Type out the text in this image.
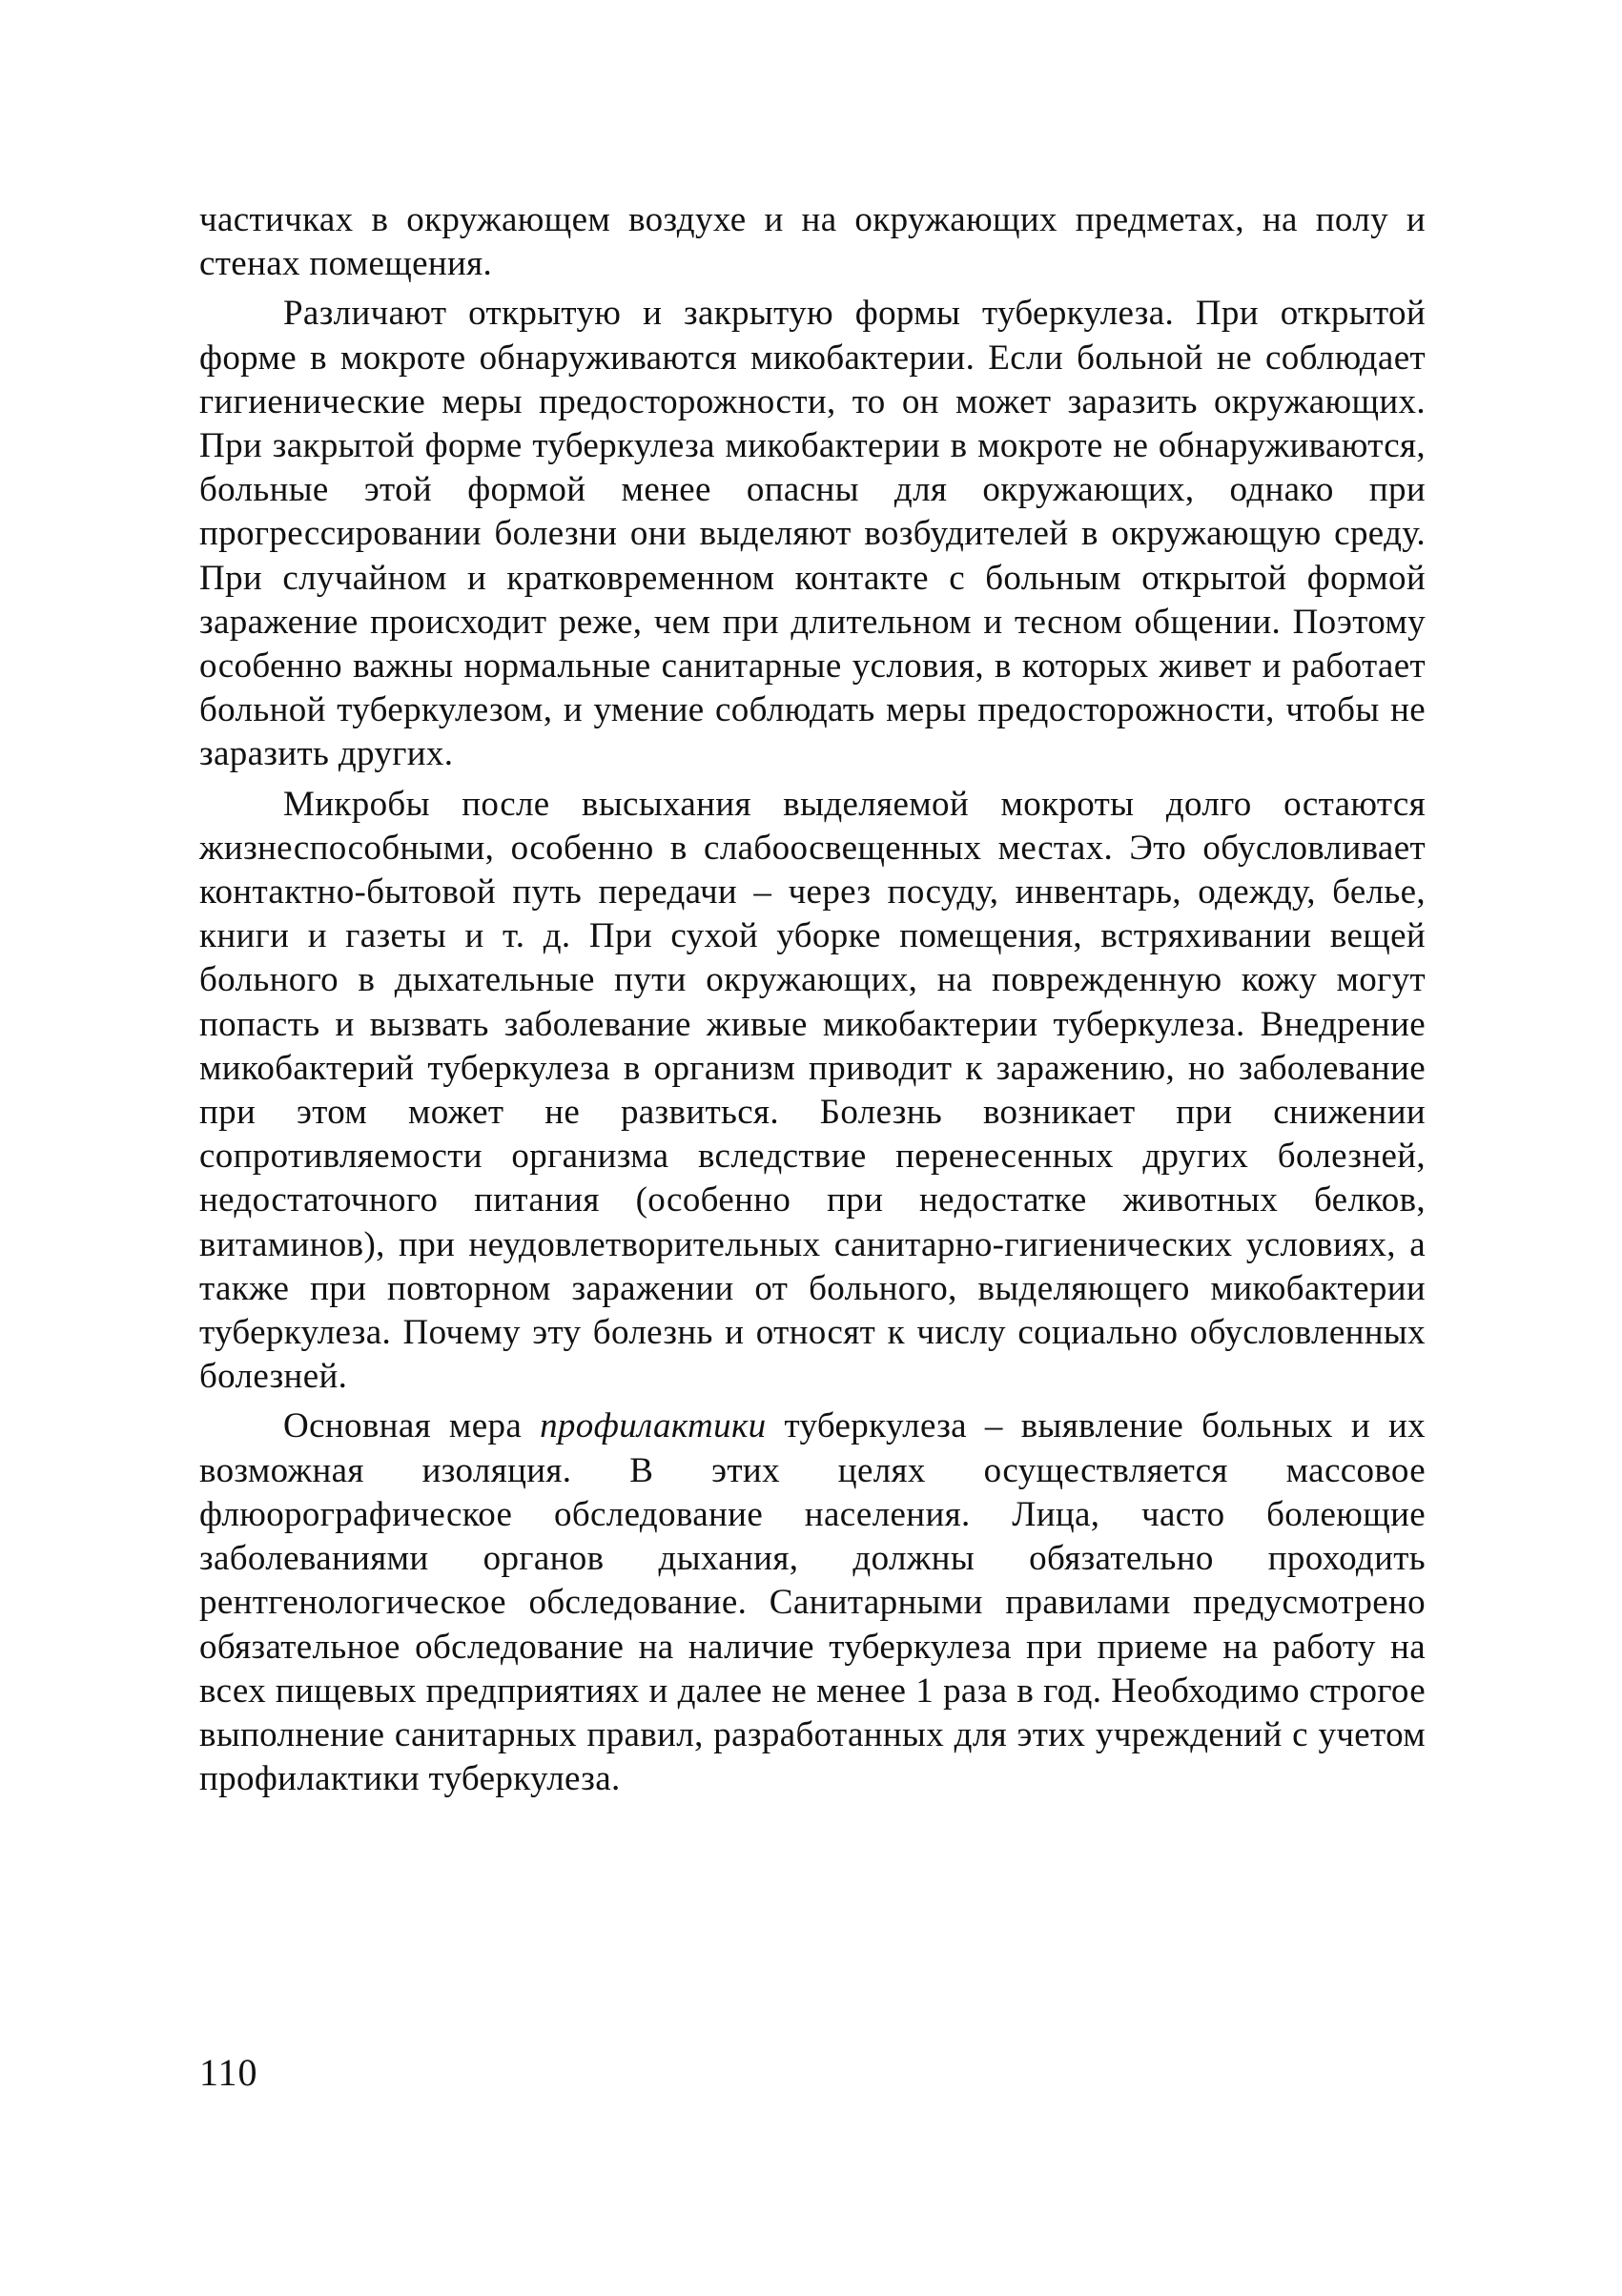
частичках в окружающем воздухе и на окружающих предметах, на полу и стенах помещения.

Различают открытую и закрытую формы туберкулеза. При открытой форме в мокроте обнаруживаются микобактерии. Если больной не соблюдает гигиенические меры предосторожности, то он может заразить окружающих. При закрытой форме туберкулеза микобактерии в мокроте не обнаруживаются, больные этой формой менее опасны для окружающих, однако при прогрессировании болезни они выделяют возбудителей в окружающую среду. При случайном и кратковременном контакте с больным открытой формой заражение происходит реже, чем при длительном и тесном общении. Поэтому особенно важны нормальные санитарные условия, в которых живет и работает больной туберкулезом, и умение соблюдать меры предосторожности, чтобы не заразить других.

Микробы после высыхания выделяемой мокроты долго остаются жизнеспособными, особенно в слабоосвещенных местах. Это обусловливает контактно-бытовой путь передачи – через посуду, инвентарь, одежду, белье, книги и газеты и т. д. При сухой уборке помещения, встряхивании вещей больного в дыхательные пути окружающих, на поврежденную кожу могут попасть и вызвать заболевание живые микобактерии туберкулеза. Внедрение микобактерий туберкулеза в организм приводит к заражению, но заболевание при этом может не развиться. Болезнь возникает при снижении сопротивляемости организма вследствие перенесенных других болезней, недостаточного питания (особенно при недостатке животных белков, витаминов), при неудовлетворительных санитарно-гигиенических условиях, а также при повторном заражении от больного, выделяющего микобактерии туберкулеза. Почему эту болезнь и относят к числу социально обусловленных болезней.

Основная мера профилактики туберкулеза – выявление больных и их возможная изоляция. В этих целях осуществляется массовое флюорографическое обследование населения. Лица, часто болеющие заболеваниями органов дыхания, должны обязательно проходить рентгенологическое обследование. Санитарными правилами предусмотрено обязательное обследование на наличие туберкулеза при приеме на работу на всех пищевых предприятиях и далее не менее 1 раза в год. Необходимо строгое выполнение санитарных правил, разработанных для этих учреждений с учетом профилактики туберкулеза.

110
